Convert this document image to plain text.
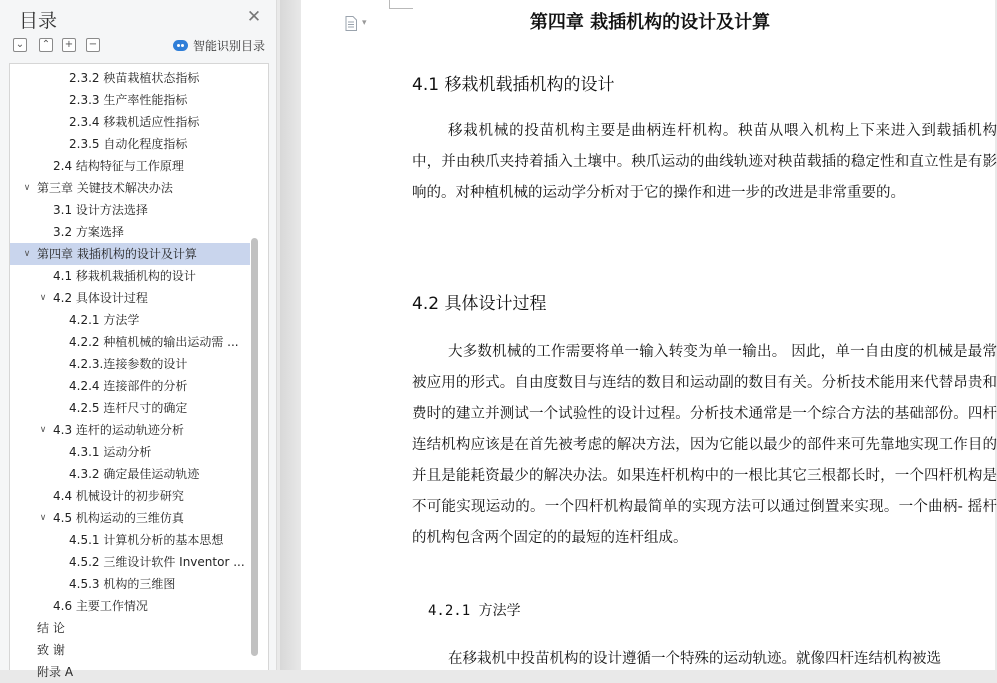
目录	✕
⌄ ⌃ + −	智能识别目录
2.3.2 秧苗栽植状态指标
2.3.3 生产率性能指标
2.3.4 移栽机适应性指标
2.3.5 自动化程度指标
2.4 结构特征与工作原理
∨ 第三章 关键技术解决办法
3.1 设计方法选择
3.2 方案选择
∨ 第四章 栽插机构的设计及计算
4.1 移栽机栽插机构的设计
∨ 4.2 具体设计过程
4.2.1 方法学
4.2.2 种植机械的输出运动需 ...
4.2.3.连接参数的设计
4.2.4 连接部件的分析
4.2.5 连杆尺寸的确定
∨ 4.3 连杆的运动轨迹分析
4.3.1 运动分析
4.3.2 确定最佳运动轨迹
4.4 机械设计的初步研究
∨ 4.5 机构运动的三维仿真
4.5.1 计算机分析的基本思想
4.5.2 三维设计软件 Inventor ...
4.5.3 机构的三维图
4.6 主要工作情况
结 论
致 谢
附录 A
▾	第四章 栽插机构的设计及计算
4.1 移栽机载插机构的设计

移栽机械的投苗机构主要是曲柄连杆机构。秧苗从喂入机构上下来进入到载插机构中，并由秧爪夹持着插入土壤中。秧爪运动的曲线轨迹对秧苗载插的稳定性和直立性是有影响的。对种植机械的运动学分析对于它的操作和进一步的改进是非常重要的。

4.2 具体设计过程

大多数机械的工作需要将单一输入转变为单一输出。 因此，单一自由度的机械是最常被应用的形式。自由度数目与连结的数目和运动副的数目有关。分析技术能用来代替昂贵和费时的建立并测试一个试验性的设计过程。分析技术通常是一个综合方法的基础部份。四杆连结机构应该是在首先被考虑的解决方法，因为它能以最少的部件来可先靠地实现工作目的并且是能耗资最少的解决办法。如果连杆机构中的一根比其它三根都长时，一个四杆机构是不可能实现运动的。一个四杆机构最简单的实现方法可以通过倒置来实现。一个曲柄- 摇杆的机构包含两个固定的的最短的连杆组成。

4.2.1 方法学

在移栽机中投苗机构的设计遵循一个特殊的运动轨迹。就像四杆连结机构被选
